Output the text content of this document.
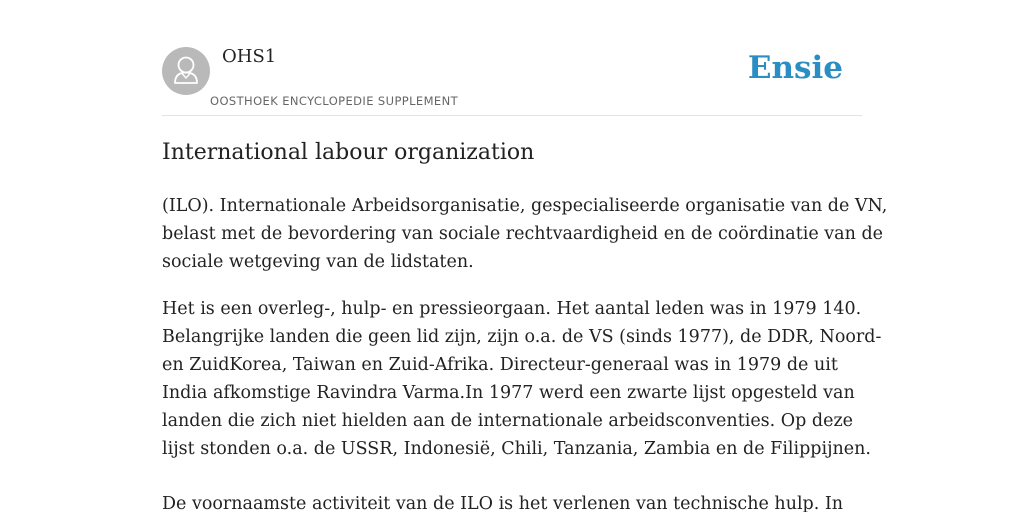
OHS1
OOSTHOEK ENCYCLOPEDIE SUPPLEMENT
Ensie
International labour organization

(ILO). Internationale Arbeidsorganisatie, gespecialiseerde organisatie van de VN,
belast met de bevordering van sociale rechtvaardigheid en de coördinatie van de
sociale wetgeving van de lidstaten.

Het is een overleg-, hulp- en pressieorgaan. Het aantal leden was in 1979 140.
Belangrijke landen die geen lid zijn, zijn o.a. de VS (sinds 1977), de DDR, Noord-
en ZuidKorea, Taiwan en Zuid-Afrika. Directeur-generaal was in 1979 de uit
India afkomstige Ravindra Varma.In 1977 werd een zwarte lijst opgesteld van
landen die zich niet hielden aan de internationale arbeidsconventies. Op deze
lijst stonden o.a. de USSR, Indonesië, Chili, Tanzania, Zambia en de Filippijnen.

De voornaamste activiteit van de ILO is het verlenen van technische hulp. In
